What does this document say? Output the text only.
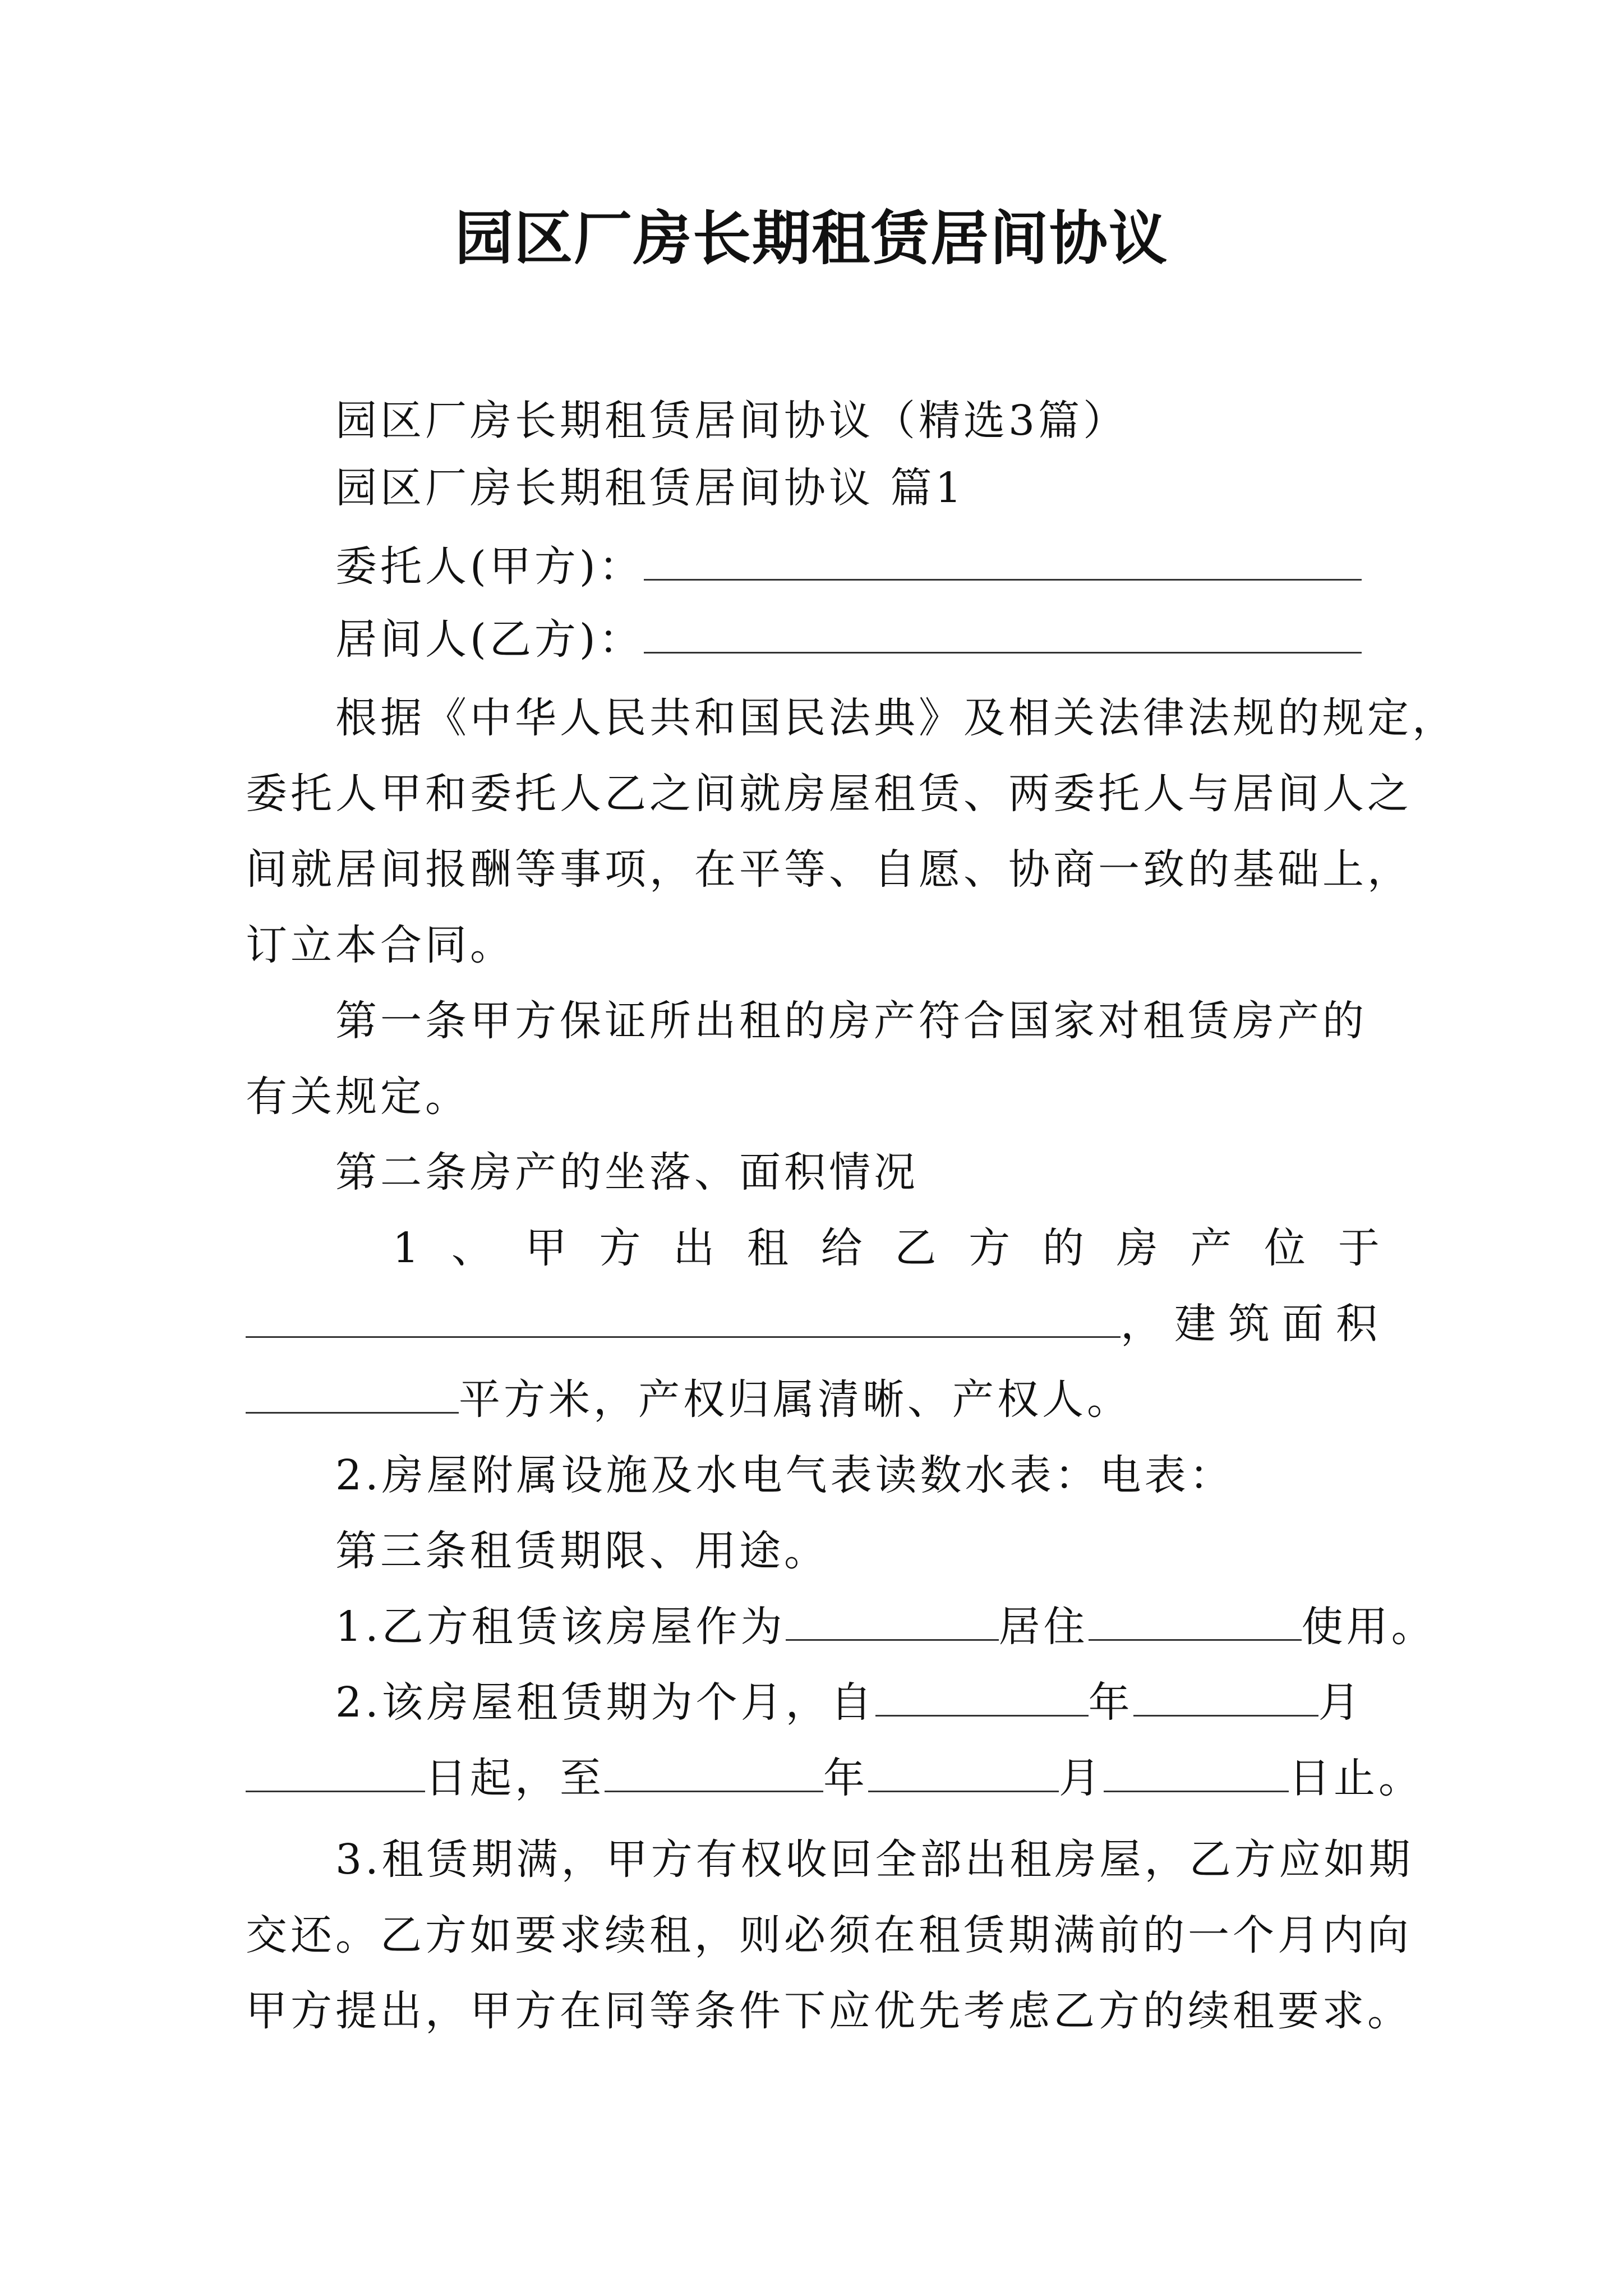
园区厂房长期租赁居间协议
园区厂房长期租赁居间协议（精选3篇）
园区厂房长期租赁居间协议 篇1
委托人(甲方)：
居间人(乙方)：
根据《中华人民共和国民法典》及相关法律法规的规定，
委托人甲和委托人乙之间就房屋租赁、两委托人与居间人之
间就居间报酬等事项，在平等、自愿、协商一致的基础上，
订立本合同。
第一条甲方保证所出租的房产符合国家对租赁房产的
有关规定。
第二条房产的坐落、面积情况
1 、 甲 方 出 租 给 乙 方 的 房 产 位 于
，建筑面积
平方米，产权归属清晰、产权人。
2.房屋附属设施及水电气表读数水表：电表：
第三条租赁期限、用途。
1.乙方租赁该房屋作为	居住	使用。
2.该房屋租赁期为个月，自	年	月
日起，至	年	月	日止。
3.租赁期满，甲方有权收回全部出租房屋，乙方应如期
交还。乙方如要求续租，则必须在租赁期满前的一个月内向
甲方提出，甲方在同等条件下应优先考虑乙方的续租要求。
